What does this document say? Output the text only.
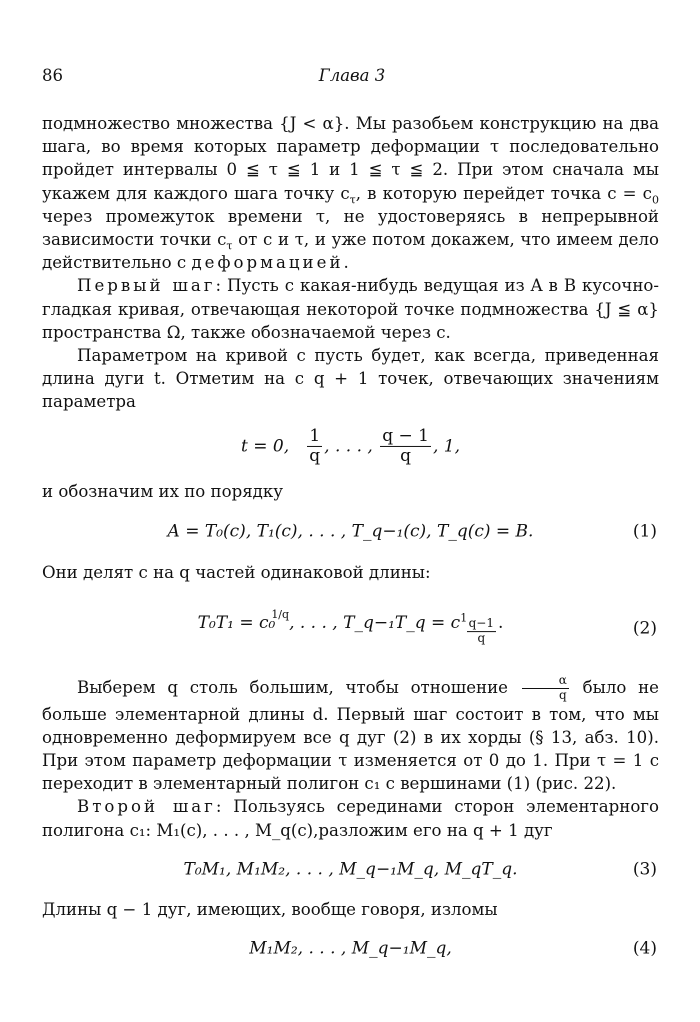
86	Глава 3

подмножество множества {J < α}. Мы разобьем конструкцию на два шага, во время которых параметр деформации τ последовательно пройдет интервалы 0 ≦ τ ≦ 1 и 1 ≦ τ ≦ 2. При этом сначала мы укажем для каждого шага точку $c_\tau$, в которую перейдет точка $c = c_0$ через промежуток времени τ, не удостоверяясь в непрерывной зависимости точки $c_\tau$ от c и τ, и уже потом докажем, что имеем дело действительно c деформацией.

Первый шаг: Пусть c какая-нибудь ведущая из A в B кусочно-гладкая кривая, отвечающая некоторой точке подмножества {J ≦ α} пространства Ω, также обозначаемой через c.

Параметром на кривой c пусть будет, как всегда, приведенная длина дуги t. Отметим на c q + 1 точек, отвечающих значениям параметра

t = 0, $\frac{1}{q}$ , . . . , $\frac{q - 1}{q}$ , 1,

и обозначим их по порядку

A = T₀(c), T₁(c), . . . , T_q−₁(c), T_q(c) = B.	(1)

Они делят c на q частей одинаковой длины:

T₀T₁ = c₀1/q, . . . , T_q−₁T_q = $c^1 \frac{q-1}{q}$ .	(2)

Выберем q столь большим, чтобы отношение $\frac{\alpha}{q}$ было не больше элементарной длины d. Первый шаг состоит в том, что мы одновременно деформируем все q дуг (2) в их хорды (§ 13, абз. 10). При этом параметр деформации τ изменяется от 0 до 1. При τ = 1 c переходит в элементарный полигон c₁ с вершинами (1) (рис. 22).

Второй шаг: Пользуясь серединами сторон элементарного полигона c₁: M₁(c), . . . , M_q(c),разложим его на q + 1 дуг

T₀M₁, M₁M₂, . . . , M_q−₁M_q, M_qT_q.	(3)

Длины q − 1 дуг, имеющих, вообще говоря, изломы

M₁M₂, . . . , M_q−₁M_q,	(4)
